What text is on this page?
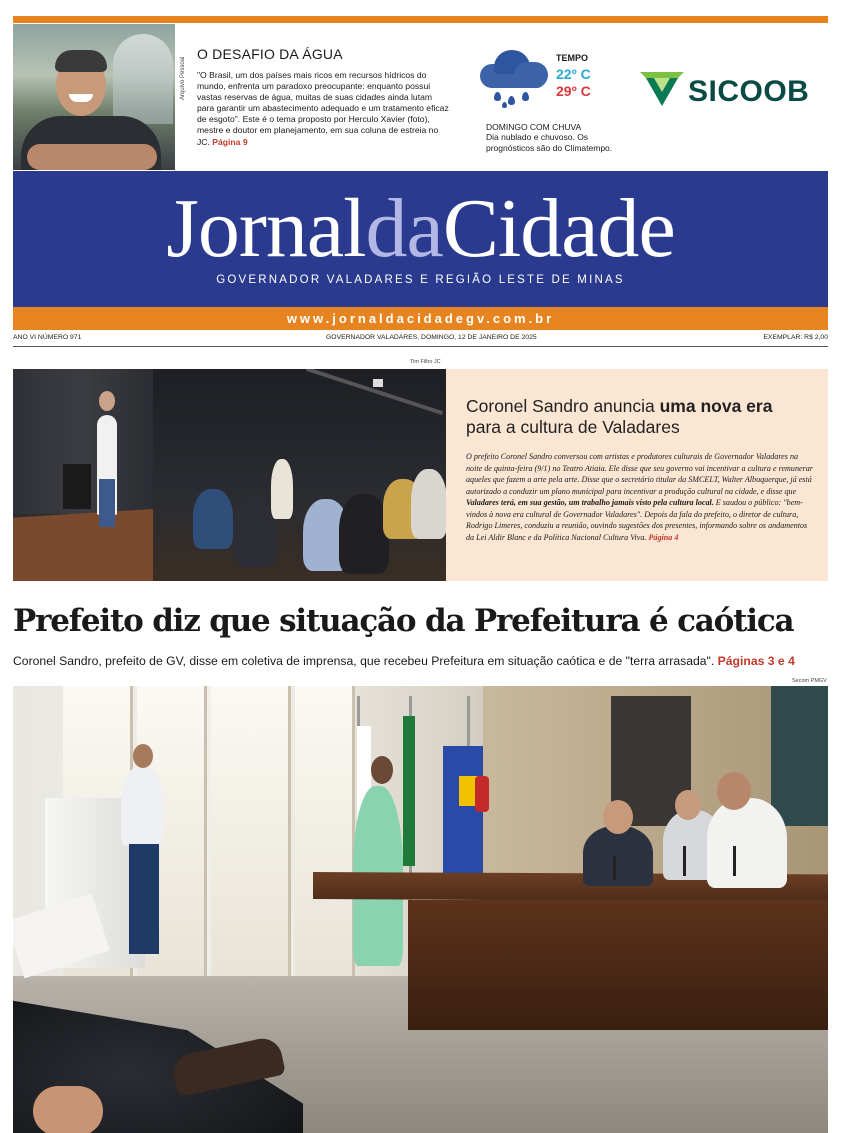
Arquivo Pessoal
O DESAFIO DA ÁGUA
"O Brasil, um dos países mais ricos em recursos hídricos do mundo, enfrenta um paradoxo preocupante: enquanto possui vastas reservas de água, muitas de suas cidades ainda lutam para garantir um abastecimento adequado e um tratamento eficaz de esgoto". Este é o tema proposto por Herculo Xavier (foto), mestre e doutor em planejamento, em sua coluna de estreia no JC. Página 9
TEMPO
22º C
29º C
DOMINGO COM CHUVA
Dia nublado e chuvoso. Os prognósticos são do Climatempo.
SICOOB
JornaldaCidade
GOVERNADOR VALADARES E REGIÃO LESTE DE MINAS
www.jornaldacidadegv.com.br
ANO VI NÚMERO 971	GOVERNADOR VALADARES, DOMINGO, 12 DE JANEIRO DE 2025	EXEMPLAR: R$ 2,00
Tim Filho JC
Coronel Sandro anuncia uma nova era para a cultura de Valadares
O prefeito Coronel Sandro conversou com artistas e produtores culturais de Governador Valadares na noite de quinta-feira (9/1) no Teatro Atiaia. Ele disse que seu governo vai incentivar a cultura e remunerar aqueles que fazem a arte pela arte. Disse que o secretário titular da SMCELT, Walter Albuquerque, já está autorizado a conduzir um plano municipal para incentivar a produção cultural na cidade, e disse que Valadares terá, em sua gestão, um trabalho jamais visto pela cultura local. E saudou o público: "bem-vindos à nova era cultural de Governador Valadares". Depois da fala do prefeito, o diretor de cultura, Rodrigo Limeres, conduziu a reunião, ouvindo sugestões dos presentes, informando sobre os andamentos da Lei Aldir Blanc e da Política Nacional Cultura Viva. Página 4
Prefeito diz que situação da Prefeitura é caótica
Coronel Sandro, prefeito de GV, disse em coletiva de imprensa, que recebeu Prefeitura em situação caótica e de "terra arrasada". Páginas 3 e 4
Secom PMGV
